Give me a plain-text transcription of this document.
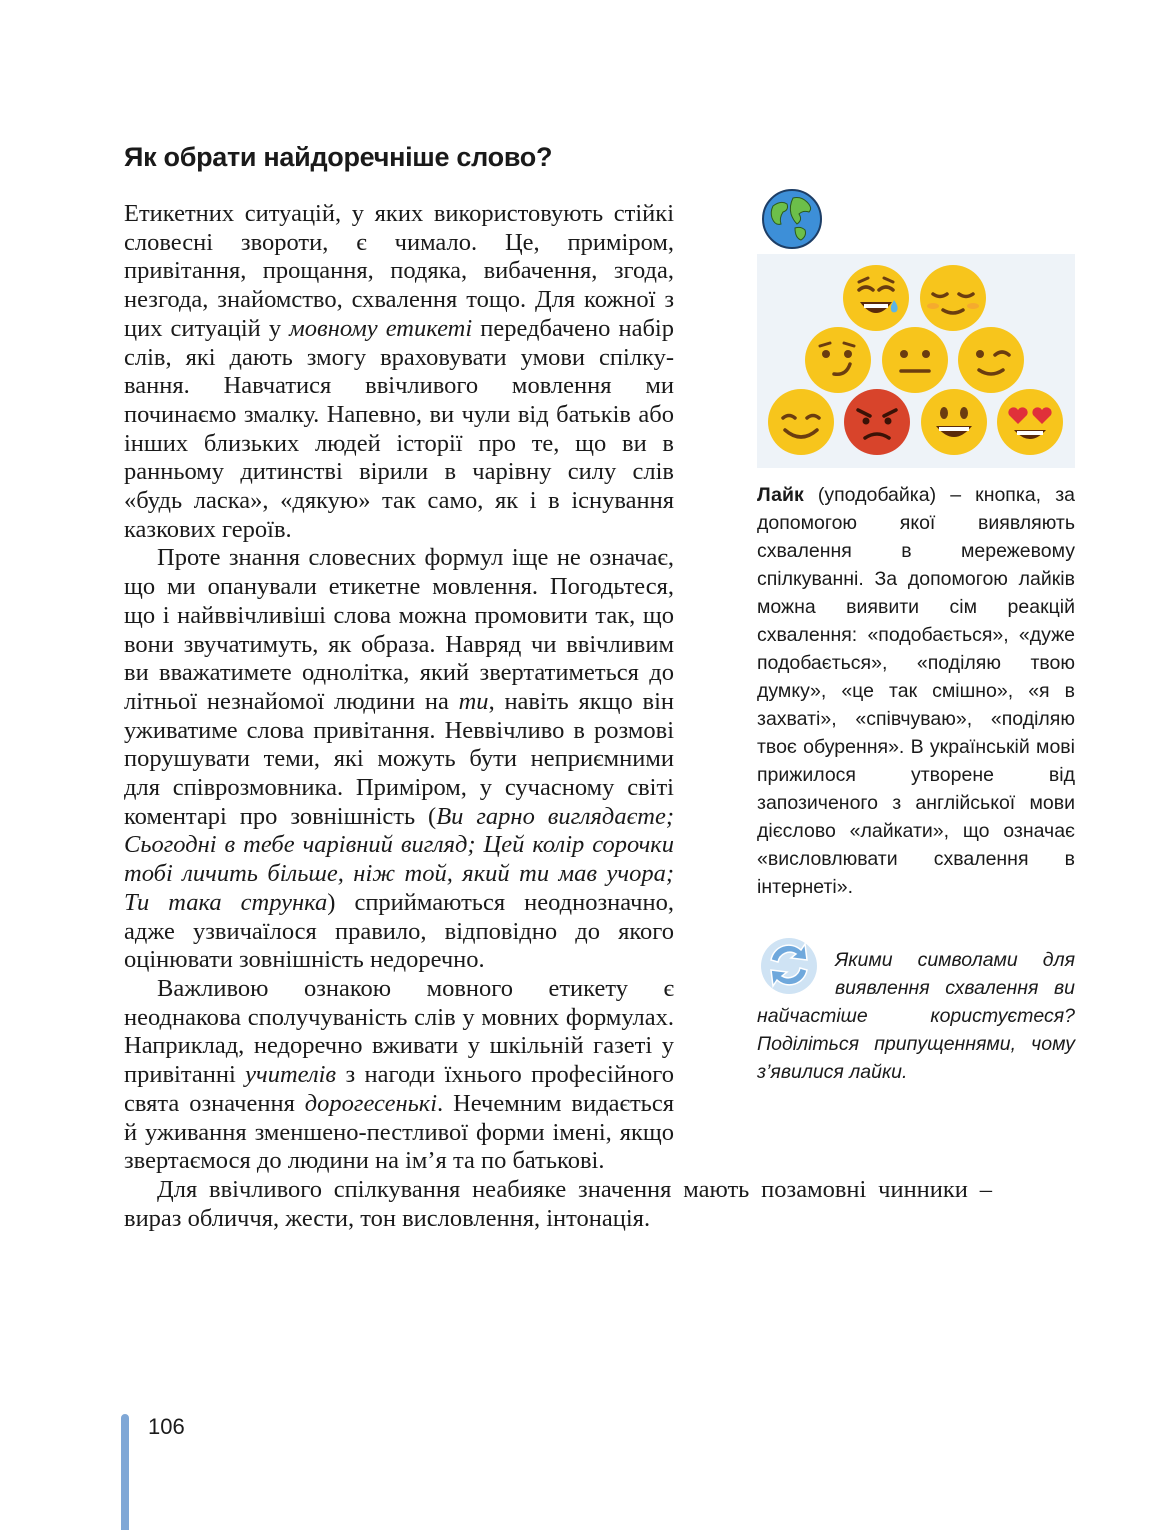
Як обрати найдоречніше слово?

Етикетних ситуацій, у яких використовують стійкі словесні звороти, є чимало. Це, приміром, привітання, прощання, подяка, вибачення, згода, незгода, знайомство, схвалення тощо. Для кожної з цих ситуацій у мовному етикеті передбачено набір слів, які дають змогу враховувати умови спілкування. Навчатися ввічливого мовлення ми починаємо змалку. Напевно, ви чули від батьків або інших близьких людей історії про те, що ви в ранньому дитинстві вірили в чарівну силу слів «будь ласка», «дякую» так само, як і в існування казкових героїв.

Проте знання словесних формул іще не означає, що ми опанували етикетне мовлення. Погодьтеся, що і найввічливіші слова можна промовити так, що вони звучатимуть, як образа. Навряд чи ввічливим ви вважатимете однолітка, який звертатиметься до літньої незнайомої людини на ти, навіть якщо він уживатиме слова привітання. Неввічливо в розмові порушувати теми, які можуть бути неприємними для співрозмовника. Приміром, у сучасному світі коментарі про зовнішність (Ви гарно виглядаєте; Сьогодні в тебе чарівний вигляд; Цей колір сорочки тобі личить більше, ніж той, який ти мав учора; Ти така струнка) сприймаються неоднозначно, адже узвичаїлося правило, відповідно до якого оцінювати зовнішність недоречно.

Важливою ознакою мовного етикету є неоднакова сполучуваність слів у мовних формулах. Наприклад, недоречно вживати у шкільній газеті у привітанні учителів з нагоди їхнього професійного свята означення дорогесенькі. Нечемним видається й уживання зменшено-пестливої форми імені, якщо звертаємося до людини на ім’я та по батькові.

Для ввічливого спілкування неабияке значення мають позамовні чинники – вираз обличчя, жести, тон висловлення, інтонація.

Лайк (уподобайка) – кнопка, за допомогою якої виявляють схвалення в мережевому спілкуванні. За допомогою лайків можна виявити сім реакцій схвалення: «подобається», «дуже подобається», «поділяю твою думку», «це так смішно», «я в захваті», «співчуваю», «поділяю твоє обурення». В українській мові прижилося утворене від запозиченого з англійської мови дієслово «лайкати», що означає «висловлювати схвалення в інтернеті».

Якими символами для виявлення схвалення ви найчастіше користуєтеся? Поділіться припущеннями, чому з’явилися лайки.

106
